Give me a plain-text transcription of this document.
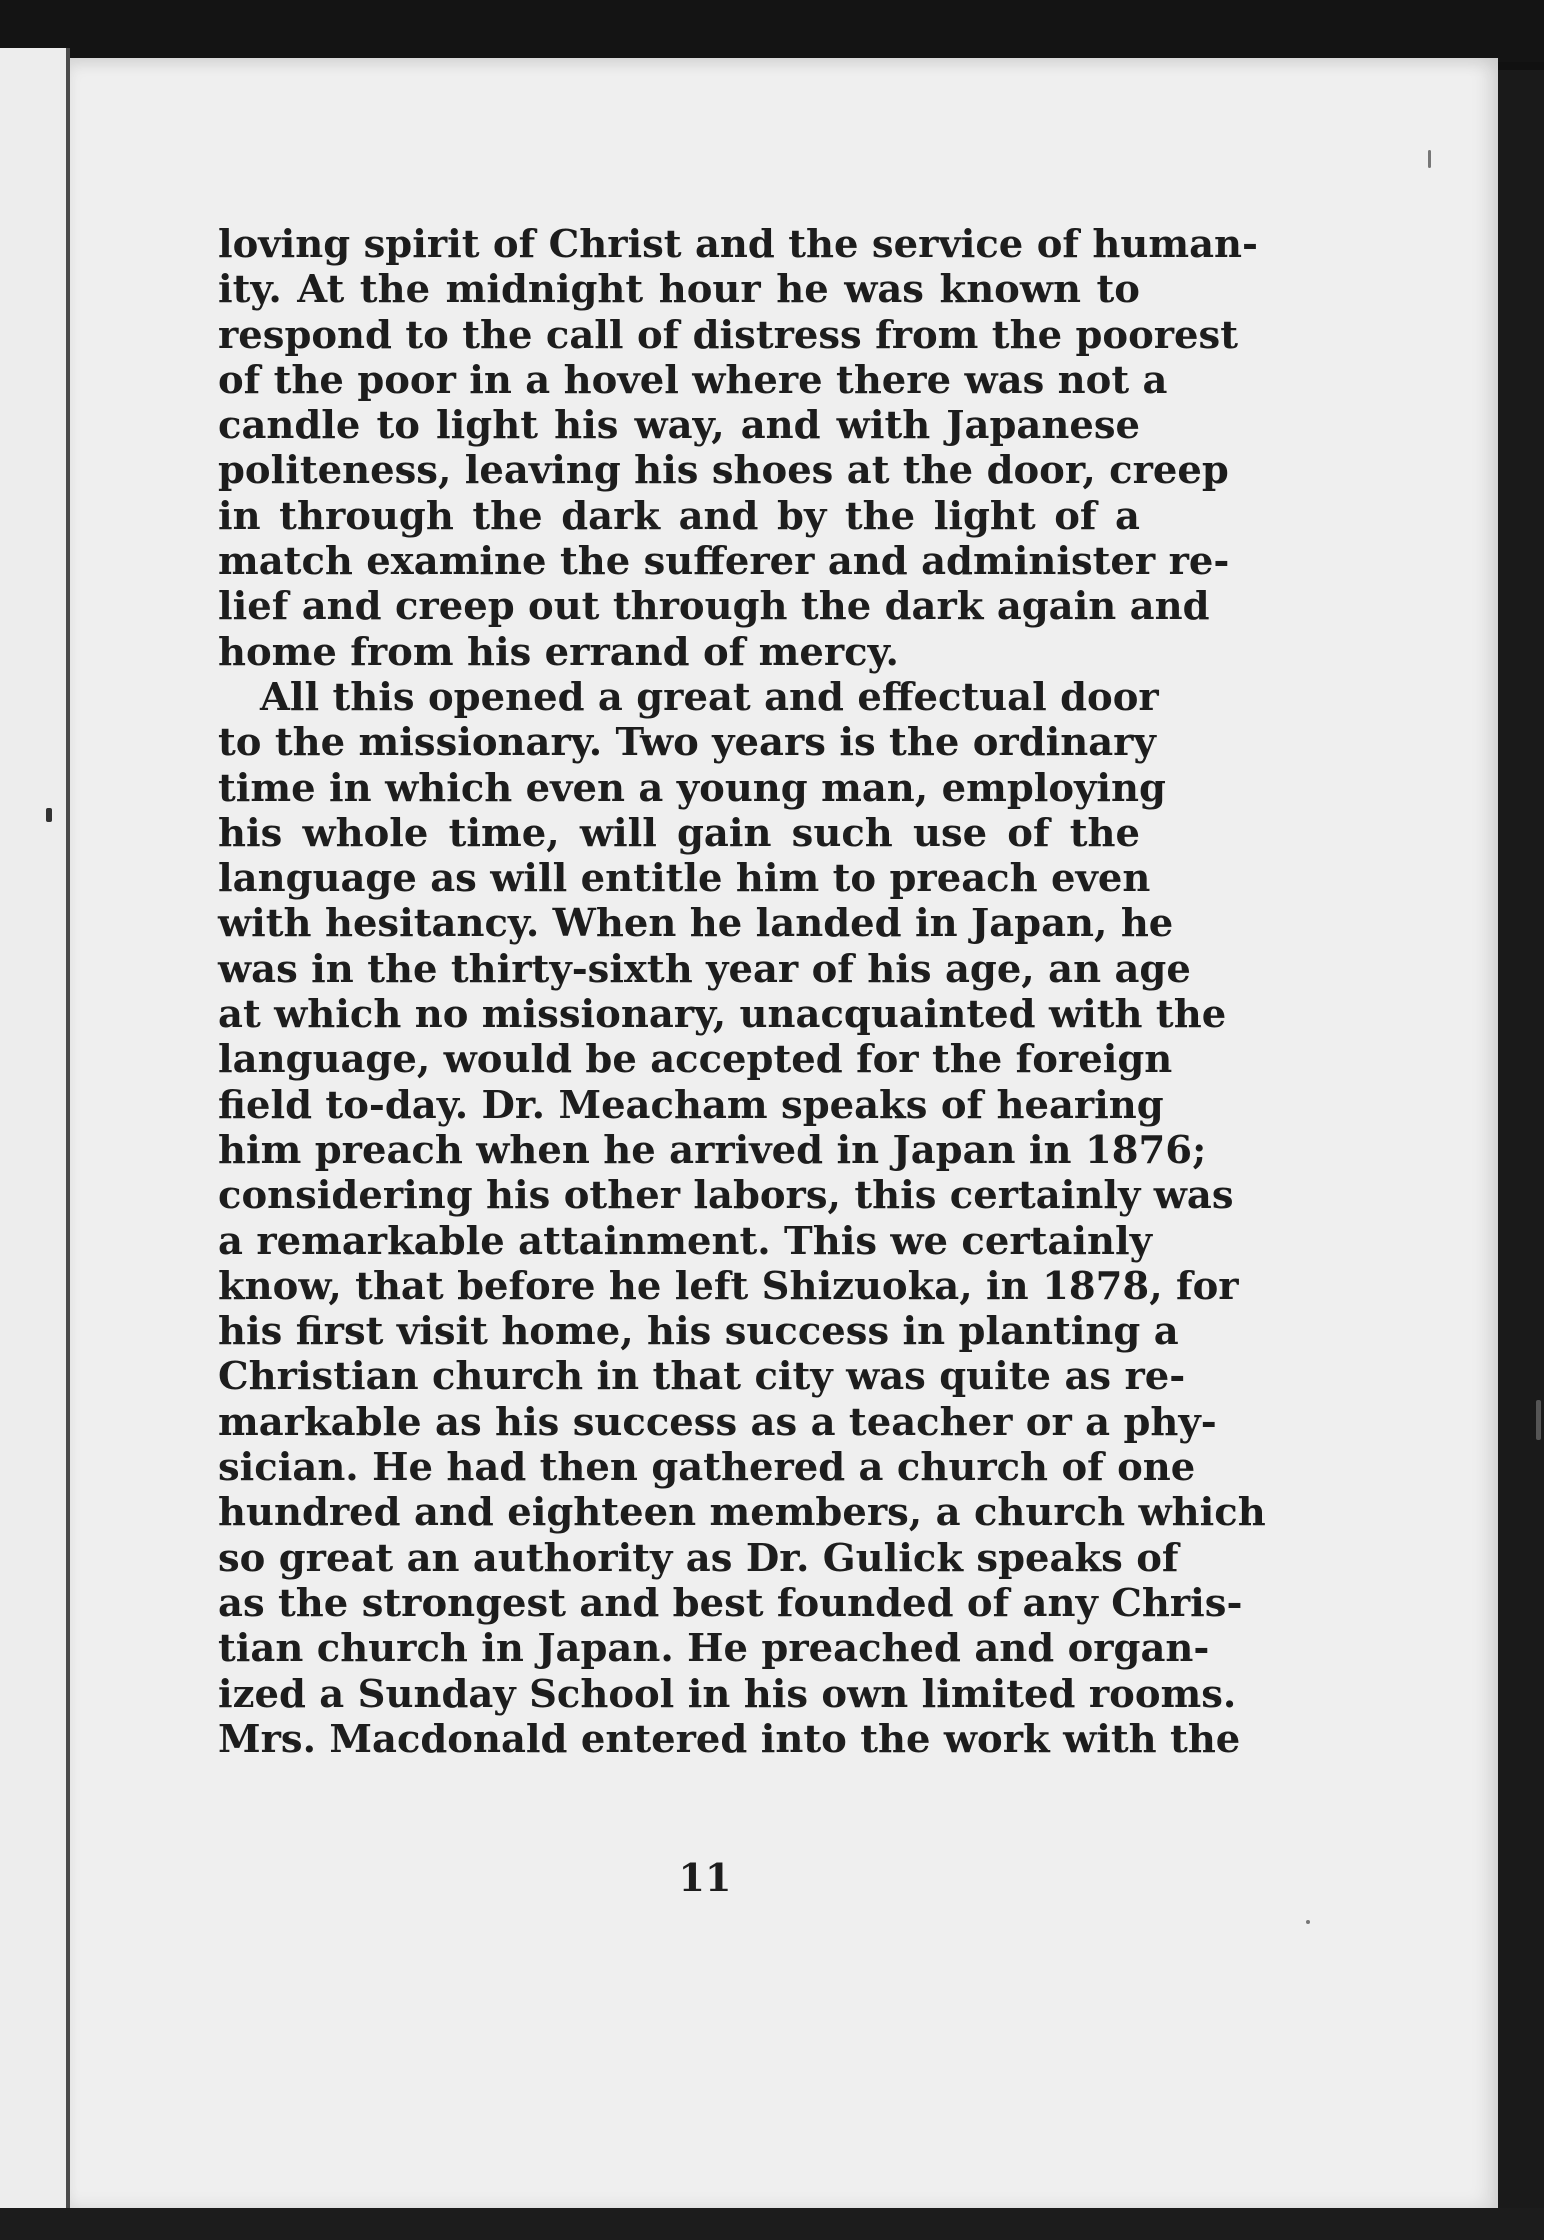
loving spirit of Christ and the service of human-
ity. At the midnight hour he was known to
respond to the call of distress from the poorest
of the poor in a hovel where there was not a
candle to light his way, and with Japanese
politeness, leaving his shoes at the door, creep
in through the dark and by the light of a
match examine the sufferer and administer re-
lief and creep out through the dark again and
home from his errand of mercy.
All this opened a great and effectual door
to the missionary. Two years is the ordinary
time in which even a young man, employing
his whole time, will gain such use of the
language as will entitle him to preach even
with hesitancy. When he landed in Japan, he
was in the thirty-sixth year of his age, an age
at which no missionary, unacquainted with the
language, would be accepted for the foreign
field to-day. Dr. Meacham speaks of hearing
him preach when he arrived in Japan in 1876;
considering his other labors, this certainly was
a remarkable attainment. This we certainly
know, that before he left Shizuoka, in 1878, for
his first visit home, his success in planting a
Christian church in that city was quite as re-
markable as his success as a teacher or a phy-
sician. He had then gathered a church of one
hundred and eighteen members, a church which
so great an authority as Dr. Gulick speaks of
as the strongest and best founded of any Chris-
tian church in Japan. He preached and organ-
ized a Sunday School in his own limited rooms.
Mrs. Macdonald entered into the work with the
11
